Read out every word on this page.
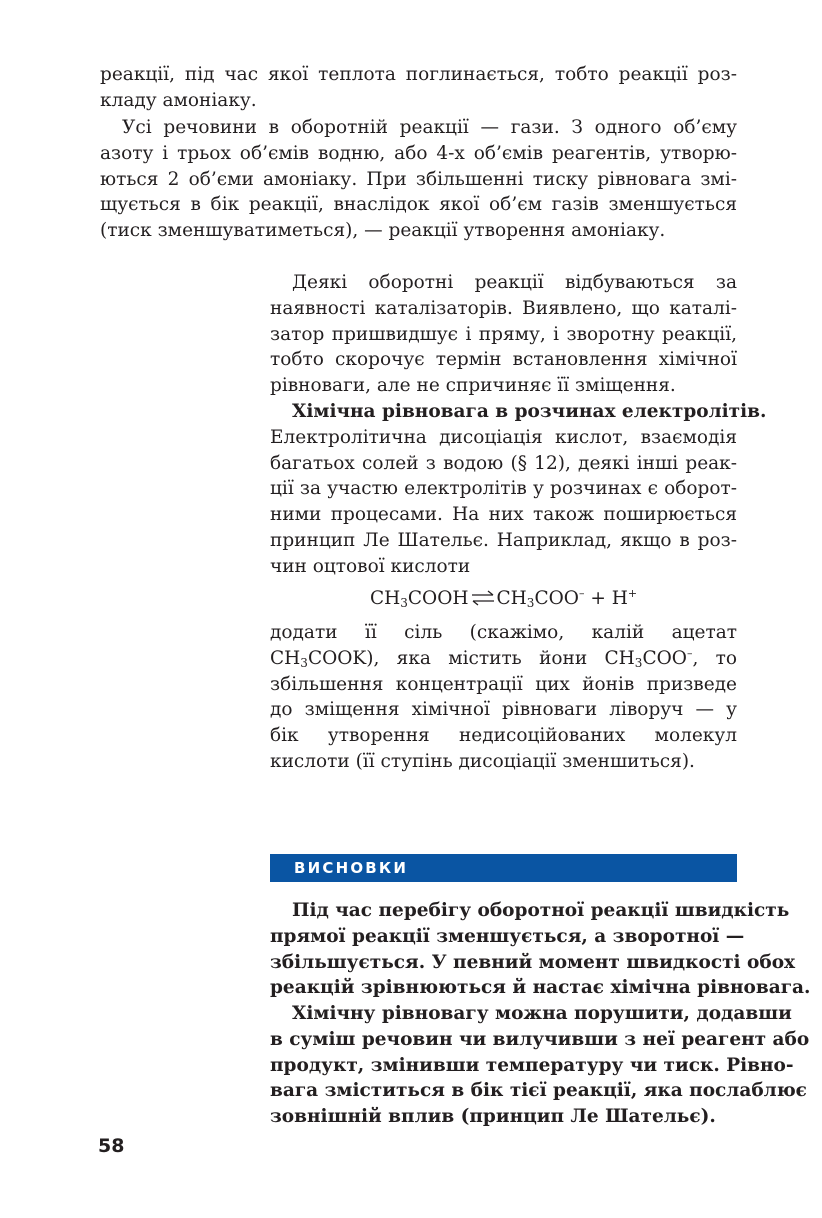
реакції, під час якої теплота поглинається, тобто реакції роз-
кладу амоніаку.
Усі речовини в оборотній реакції — гази. З одного об’єму
азоту і трьох об’ємів водню, або 4-х об’ємів реагентів, утворю-
ються 2 об’єми амоніаку. При збільшенні тиску рівновага змі-
щується в бік реакції, внаслідок якої об’єм газів зменшується
(тиск зменшуватиметься), — реакції утворення амоніаку.
Деякі оборотні реакції відбуваються за
наявності каталізаторів. Виявлено, що каталі-
затор пришвидшує і пряму, і зворотну реакції,
тобто скорочує термін встановлення хімічної
рівноваги, але не спричиняє її зміщення.
Хімічна рівновага в розчинах електролітів.
Електролітична дисоціація кислот, взаємодія
багатьох солей з водою (§ 12), деякі інші реак-
ції за участю електролітів у розчинах є оборот-
ними процесами. На них також поширюється
принцип Ле Шательє. Наприклад, якщо в роз-
чин оцтової кислоти
$CH_3COOH$ ⇌ $CH_3COO^- + H^+$
додати її сіль (скажімо, калій ацетат
$CH_3COOK$), яка містить йони $CH_3COO^-$, то
збільшення концентрації цих йонів призведе
до зміщення хімічної рівноваги ліворуч — у
бік утворення недисоційованих молекул
кислоти (її ступінь дисоціації зменшиться).
ВИСНОВКИ
Під час перебігу оборотної реакції швидкість
прямої реакції зменшується, а зворотної —
збільшується. У певний момент швидкості обох
реакцій зрівнюються й настає хімічна рівновага.
Хімічну рівновагу можна порушити, додавши
в суміш речовин чи вилучивши з неї реагент або
продукт, змінивши температуру чи тиск. Рівно-
вага зміститься в бік тієї реакції, яка послаблює
зовнішній вплив (принцип Ле Шательє).
58
